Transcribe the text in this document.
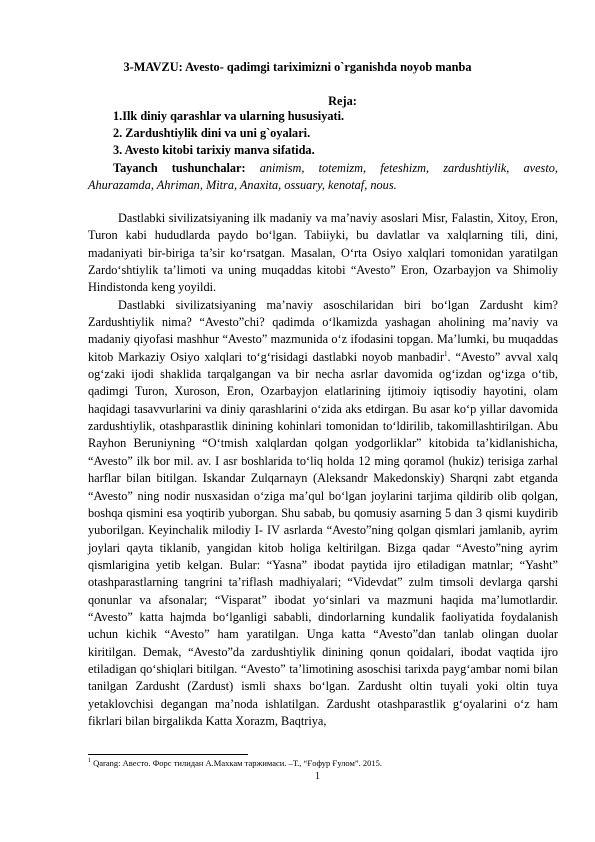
3-MAVZU: Avesto- qadimgi tariximizni o`rganishda noyob manba
Reja:
1.Ilk diniy qarashlar va ularning hususiyati.
2. Zardushtiylik dini va uni g`oyalari.
3. Avesto kitobi tarixiy manva sifatida.
Tayanch tushunchalar: animism, totemizm, feteshizm, zardushtiylik, avesto, Ahurazamda, Ahriman, Mitra, Anaxita, ossuary, kenotaf, nous.

Dastlabki sivilizatsiyaning ilk madaniy va ma’naviy asoslari Misr, Falastin, Xitoy, Eron, Turon kabi hududlarda paydo bo‘lgan. Tabiiyki, bu davlatlar va xalqlarning tili, dini, madaniyati bir-biriga ta’sir ko‘rsatgan. Masalan, O‘rta Osiyo xalqlari tomonidan yaratilgan Zardo‘shtiylik ta’limoti va uning muqaddas kitobi “Avesto” Eron, Ozarbayjon va Shimoliy Hindistonda keng yoyildi.

Dastlabki sivilizatsiyaning ma’naviy asoschilaridan biri bo‘lgan Zardusht kim? Zardushtiylik nima? “Avesto”chi? qadimda o‘lkamizda yashagan aholining ma’naviy va madaniy qiyofasi mashhur “Avesto” mazmunida o‘z ifodasini topgan. Ma’lumki, bu muqaddas kitob Markaziy Osiyo xalqlari to‘g‘risidagi dastlabki noyob manbadir$^1$. “Avesto” avval xalq og‘zaki ijodi shaklida tarqalgangan va bir necha asrlar davomida og‘izdan og‘izga o‘tib, qadimgi Turon, Xuroson, Eron, Ozarbayjon elatlarining ijtimoiy iqtisodiy hayotini, olam haqidagi tasavvurlarini va diniy qarashlarini o‘zida aks etdirgan. Bu asar ko‘p yillar davomida zardushtiylik, otashparastlik dinining kohinlari tomonidan to‘ldirilib, takomillashtirilgan. Abu Rayhon Beruniyning “O‘tmish xalqlardan qolgan yodgorliklar” kitobida ta’kidlanishicha, “Avesto” ilk bor mil. av. I asr boshlarida to‘liq holda 12 ming qoramol (hukiz) terisiga zarhal harflar bilan bitilgan. Iskandar Zulqarnayn (Aleksandr Makedonskiy) Sharqni zabt etganda “Avesto” ning nodir nusxasidan o‘ziga ma’qul bo‘lgan joylarini tarjima qildirib olib qolgan, boshqa qismini esa yoqtirib yuborgan. Shu sabab, bu qomusiy asarning 5 dan 3 qismi kuydirib yuborilgan. Keyinchalik milodiy I- IV asrlarda “Avesto”ning qolgan qismlari jamlanib, ayrim joylari qayta tiklanib, yangidan kitob holiga keltirilgan. Bizga qadar “Avesto”ning ayrim qismlarigina yetib kelgan. Bular: “Yasna” ibodat paytida ijro etiladigan matnlar; “Yasht” otashparastlarning tangrini ta’riflash madhiyalari; “Videvdat” zulm timsoli devlarga qarshi qonunlar va afsonalar; “Visparat” ibodat yo‘sinlari va mazmuni haqida ma’lumotlardir. “Avesto” katta hajmda bo‘lganligi sababli, dindorlarning kundalik faoliyatida foydalanish uchun kichik “Avesto” ham yaratilgan. Unga katta “Avesto”dan tanlab olingan duolar kiritilgan. Demak, “Avesto”da zardushtiylik dinining qonun qoidalari, ibodat vaqtida ijro etiladigan qo‘shiqlari bitilgan. “Avesto” ta’limotining asoschisi tarixda payg‘ambar nomi bilan tanilgan Zardusht (Zardust) ismli shaxs bo‘lgan. Zardusht oltin tuyali yoki oltin tuya yetaklovchisi degangan ma’noda ishlatilgan. Zardusht otashparastlik g‘oyalarini o‘z ham fikrlari bilan birgalikda Katta Xorazm, Baqtriya,

$^1$ Qarang: Авесто. Форс тилидан А.Махкам таржимаси. –Т., “Ғофур Ғулом”. 2015.
1
